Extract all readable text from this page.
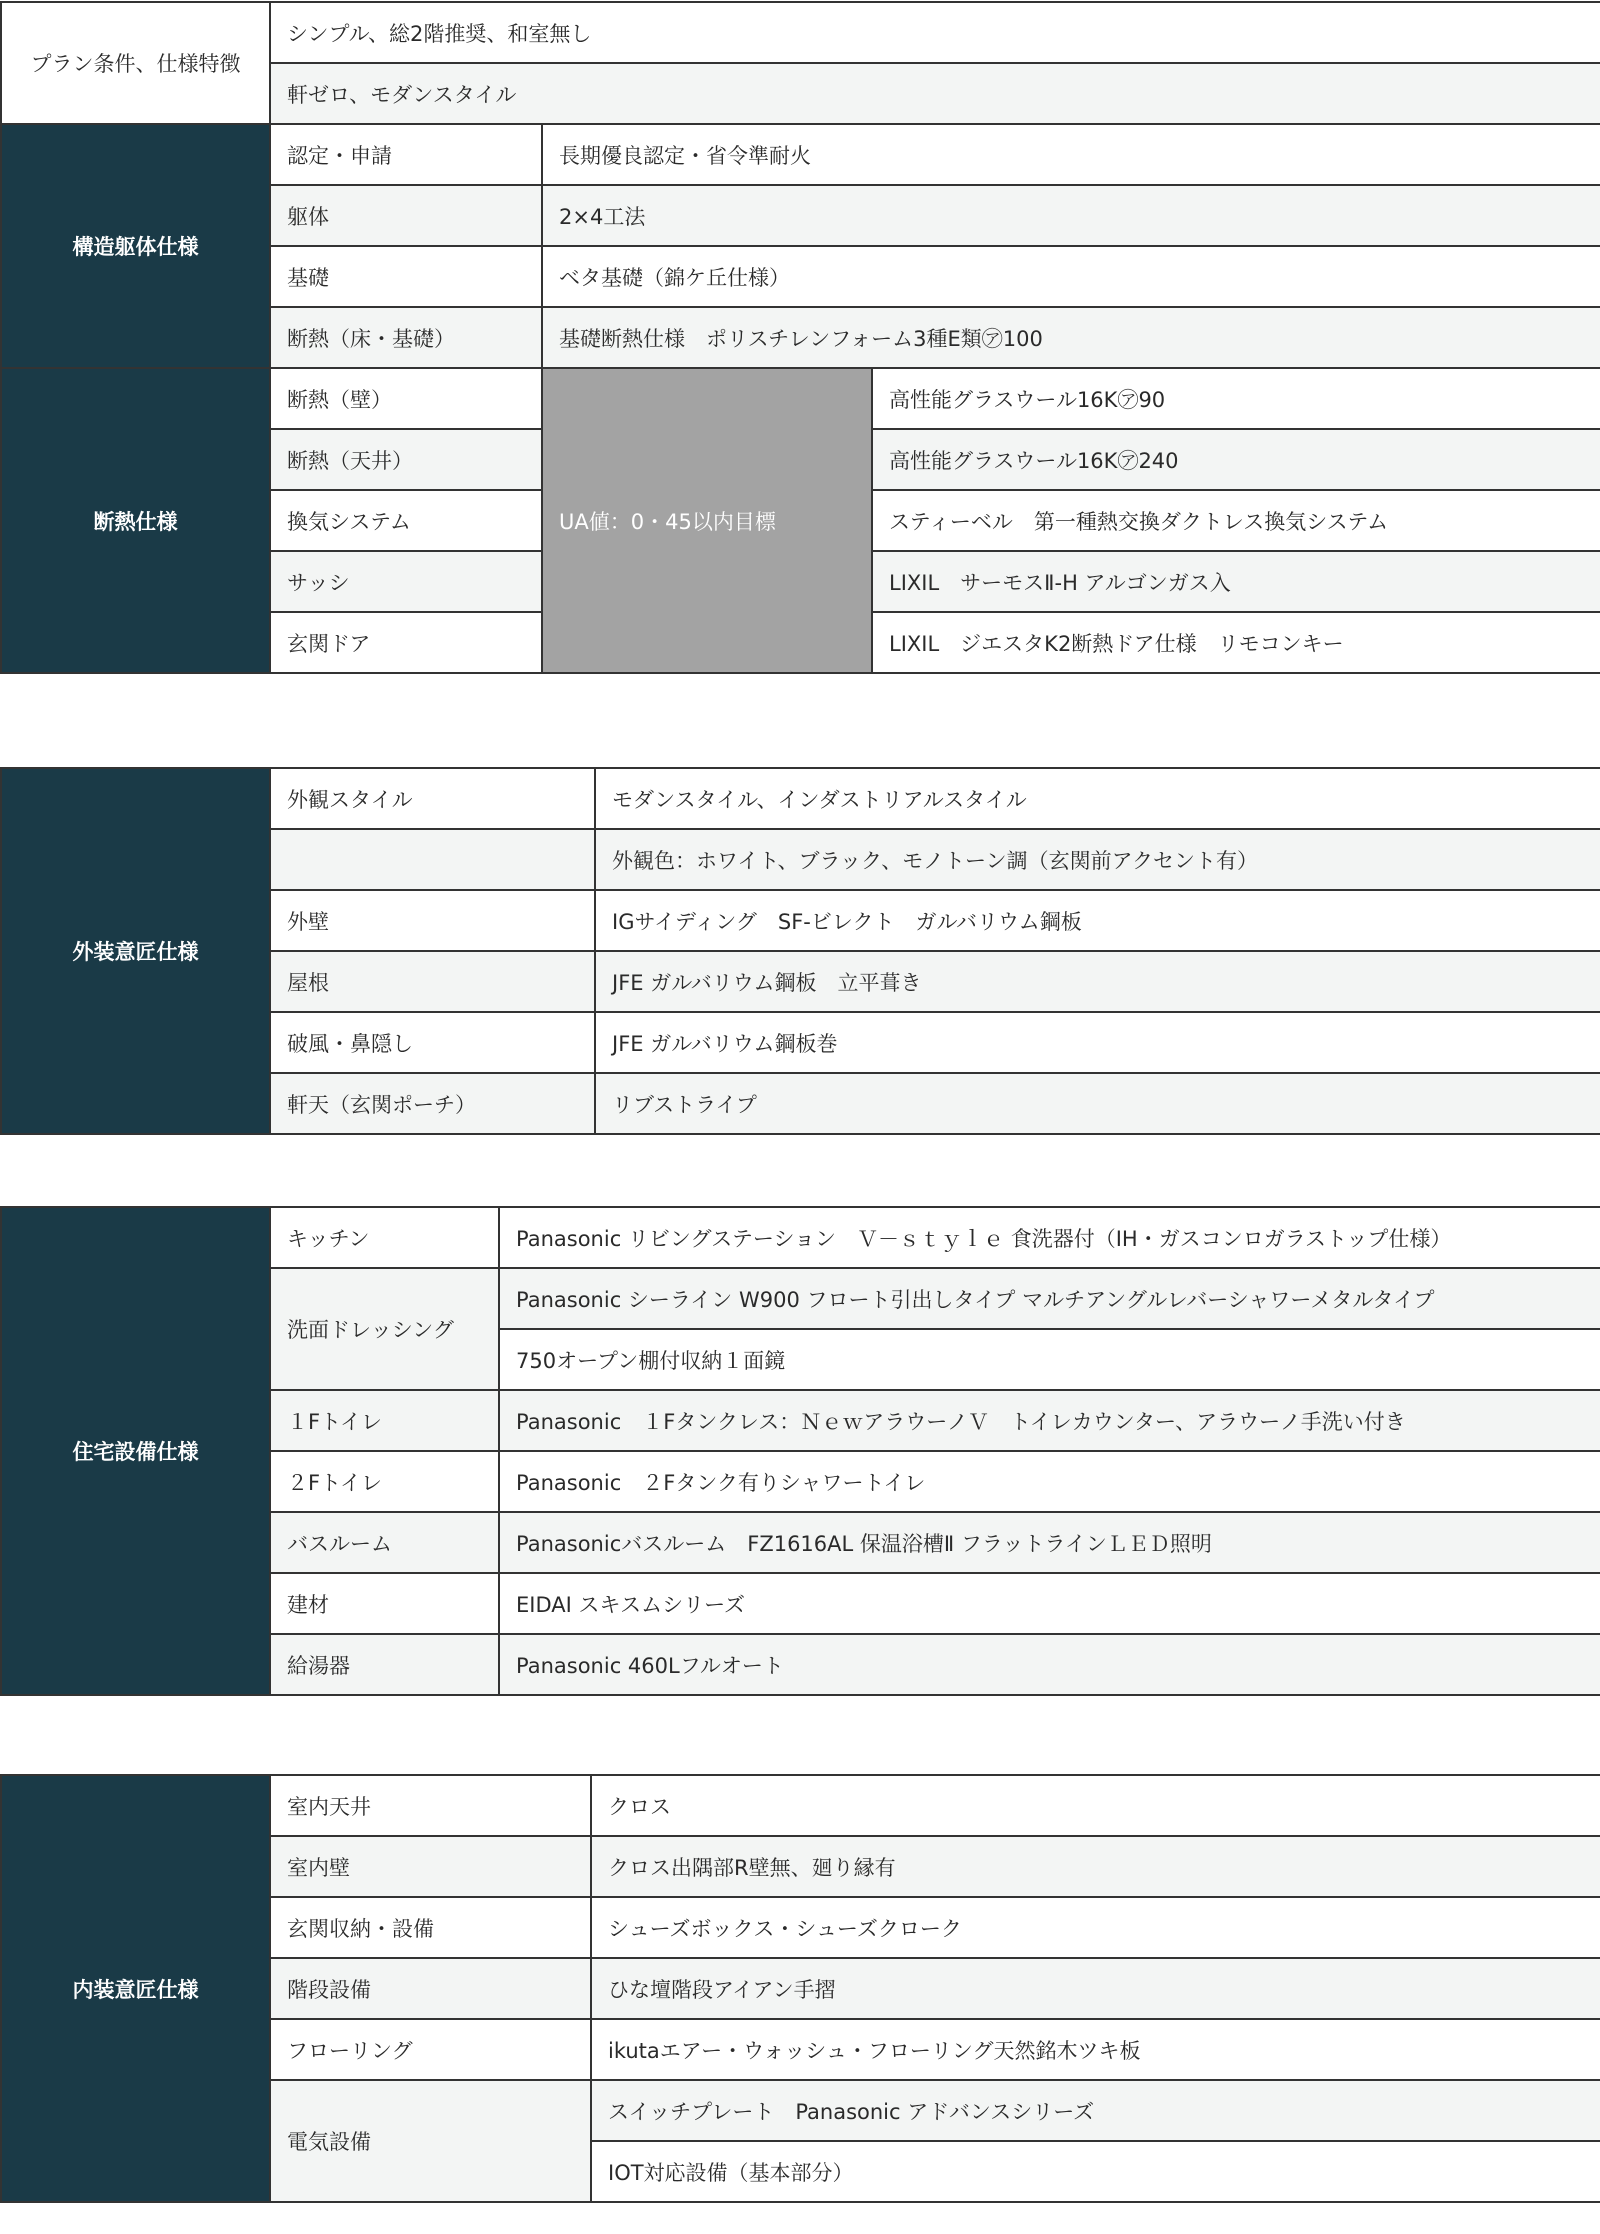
プラン条件、仕様特徴	シンプル、総2階推奨、和室無し		
	軒ゼロ、モダンスタイル		
構造躯体仕様	認定・申請	長期優良認定・省令準耐火	
	躯体	2×4工法	
	基礎	ベタ基礎（錦ケ丘仕様）	
	断熱（床・基礎）	基礎断熱仕様　ポリスチレンフォーム3種E類㋐100	
断熱仕様	断熱（壁）	UA値：0・45以内目標	高性能グラスウール16K㋐90
	断熱（天井）		高性能グラスウール16K㋐240
	換気システム		スティーベル　第一種熱交換ダクトレス換気システム
	サッシ		LIXIL　サーモスⅡ-H アルゴンガス入
	玄関ドア		LIXIL　ジエスタK2断熱ドア仕様　リモコンキー
外装意匠仕様	外観スタイル	モダンスタイル、インダストリアルスタイル
		外観色：ホワイト、ブラック、モノトーン調（玄関前アクセント有）
	外壁	IGサイディング　SF-ビレクト　ガルバリウム鋼板
	屋根	JFE ガルバリウム鋼板　立平葺き
	破風・鼻隠し	JFE ガルバリウム鋼板巻
	軒天（玄関ポーチ）	リブストライプ
住宅設備仕様	キッチン	Panasonic リビングステーション　Ｖ－ｓｔｙｌｅ 食洗器付（IH・ガスコンロガラストップ仕様）
	洗面ドレッシング	Panasonic シーライン W900 フロート引出しタイプ マルチアングルレバーシャワーメタルタイプ
		750オープン棚付収納１面鏡
	１Fトイレ	Panasonic　１Fタンクレス：ＮｅｗアラウーノＶ　トイレカウンター、アラウーノ手洗い付き
	２Fトイレ	Panasonic　２Fタンク有りシャワートイレ
	バスルーム	Panasonicバスルーム　FZ1616AL 保温浴槽Ⅱ フラットラインＬＥＤ照明
	建材	EIDAI スキスムシリーズ
	給湯器	Panasonic 460Lフルオート
内装意匠仕様	室内天井	クロス
	室内壁	クロス出隅部R壁無、廻り縁有
	玄関収納・設備	シューズボックス・シューズクローク
	階段設備	ひな壇階段アイアン手摺
	フローリング	ikutaエアー・ウォッシュ・フローリング天然銘木ツキ板
	電気設備	スイッチプレート　Panasonic アドバンスシリーズ
		IOT対応設備（基本部分）
